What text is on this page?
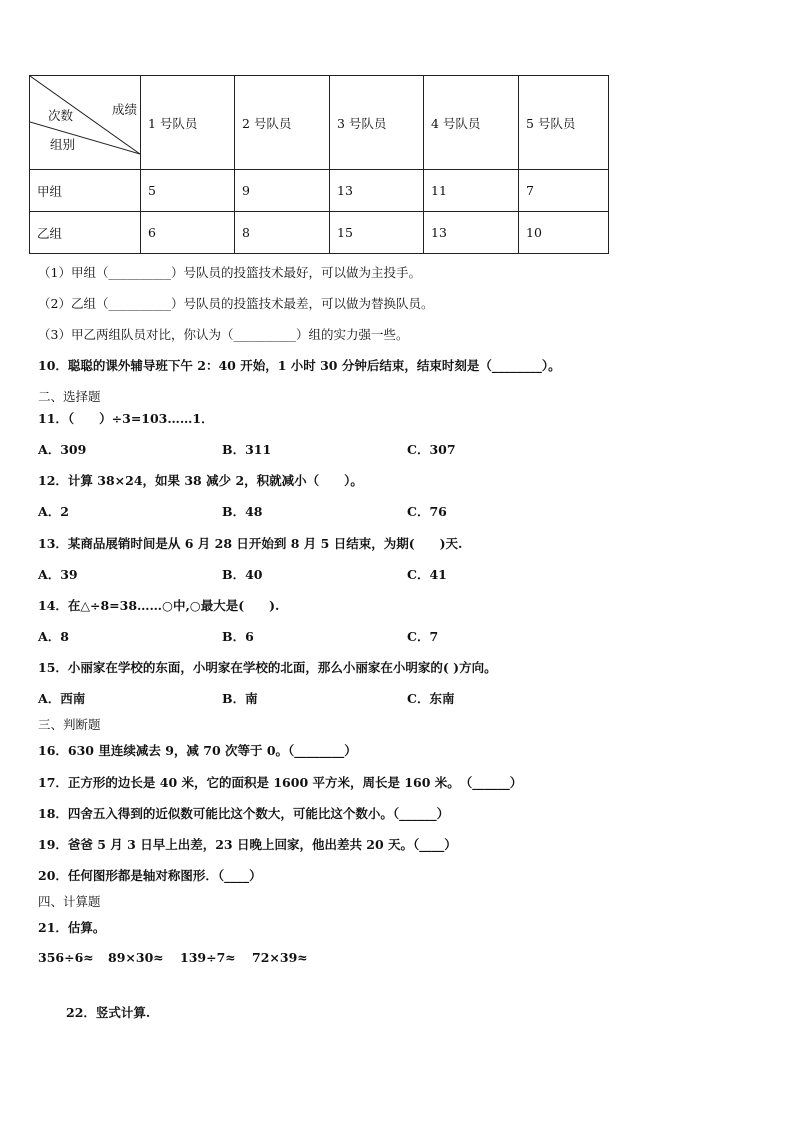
成绩
次数
组别	1 号队员	2 号队员	3 号队员	4 号队员	5 号队员
甲组	5	9	13	11	7
乙组	6	8	15	13	10
（1）甲组（__________）号队员的投篮技术最好，可以做为主投手。
（2）乙组（__________）号队员的投篮技术最差，可以做为替换队员。
（3）甲乙两组队员对比，你认为（__________）组的实力强一些。
10．聪聪的课外辅导班下午 2：40 开始，1 小时 30 分钟后结束，结束时刻是（________）。
二、选择题
11．（　　）÷3=103……1．
A．309	B．311	C．307
12．计算 38×24，如果 38 减少 2，积就减小（　　）。
A．2	B．48	C．76
13．某商品展销时间是从 6 月 28 日开始到 8 月 5 日结束，为期(　　)天.
A．39	B．40	C．41
14．在△÷8=38……○中,○最大是(　　).
A．8	B．6	C．7
15．小丽家在学校的东面，小明家在学校的北面，那么小丽家在小明家的( )方向。
A．西南	B．南	C．东南
三、判断题
16．630 里连续减去 9，减 70 次等于 0。（________）
17．正方形的边长是 40 米，它的面积是 1600 平方米，周长是 160 米。　（______）
18．四舍五入得到的近似数可能比这个数大，可能比这个数小。（______）
19．爸爸 5 月 3 日早上出差，23 日晚上回家，他出差共 20 天。（____）
20．任何图形都是轴对称图形．（____）
四、计算题
21．估算。
356÷6≈ 89×30≈ 139÷7≈ 72×39≈
22．竖式计算.
